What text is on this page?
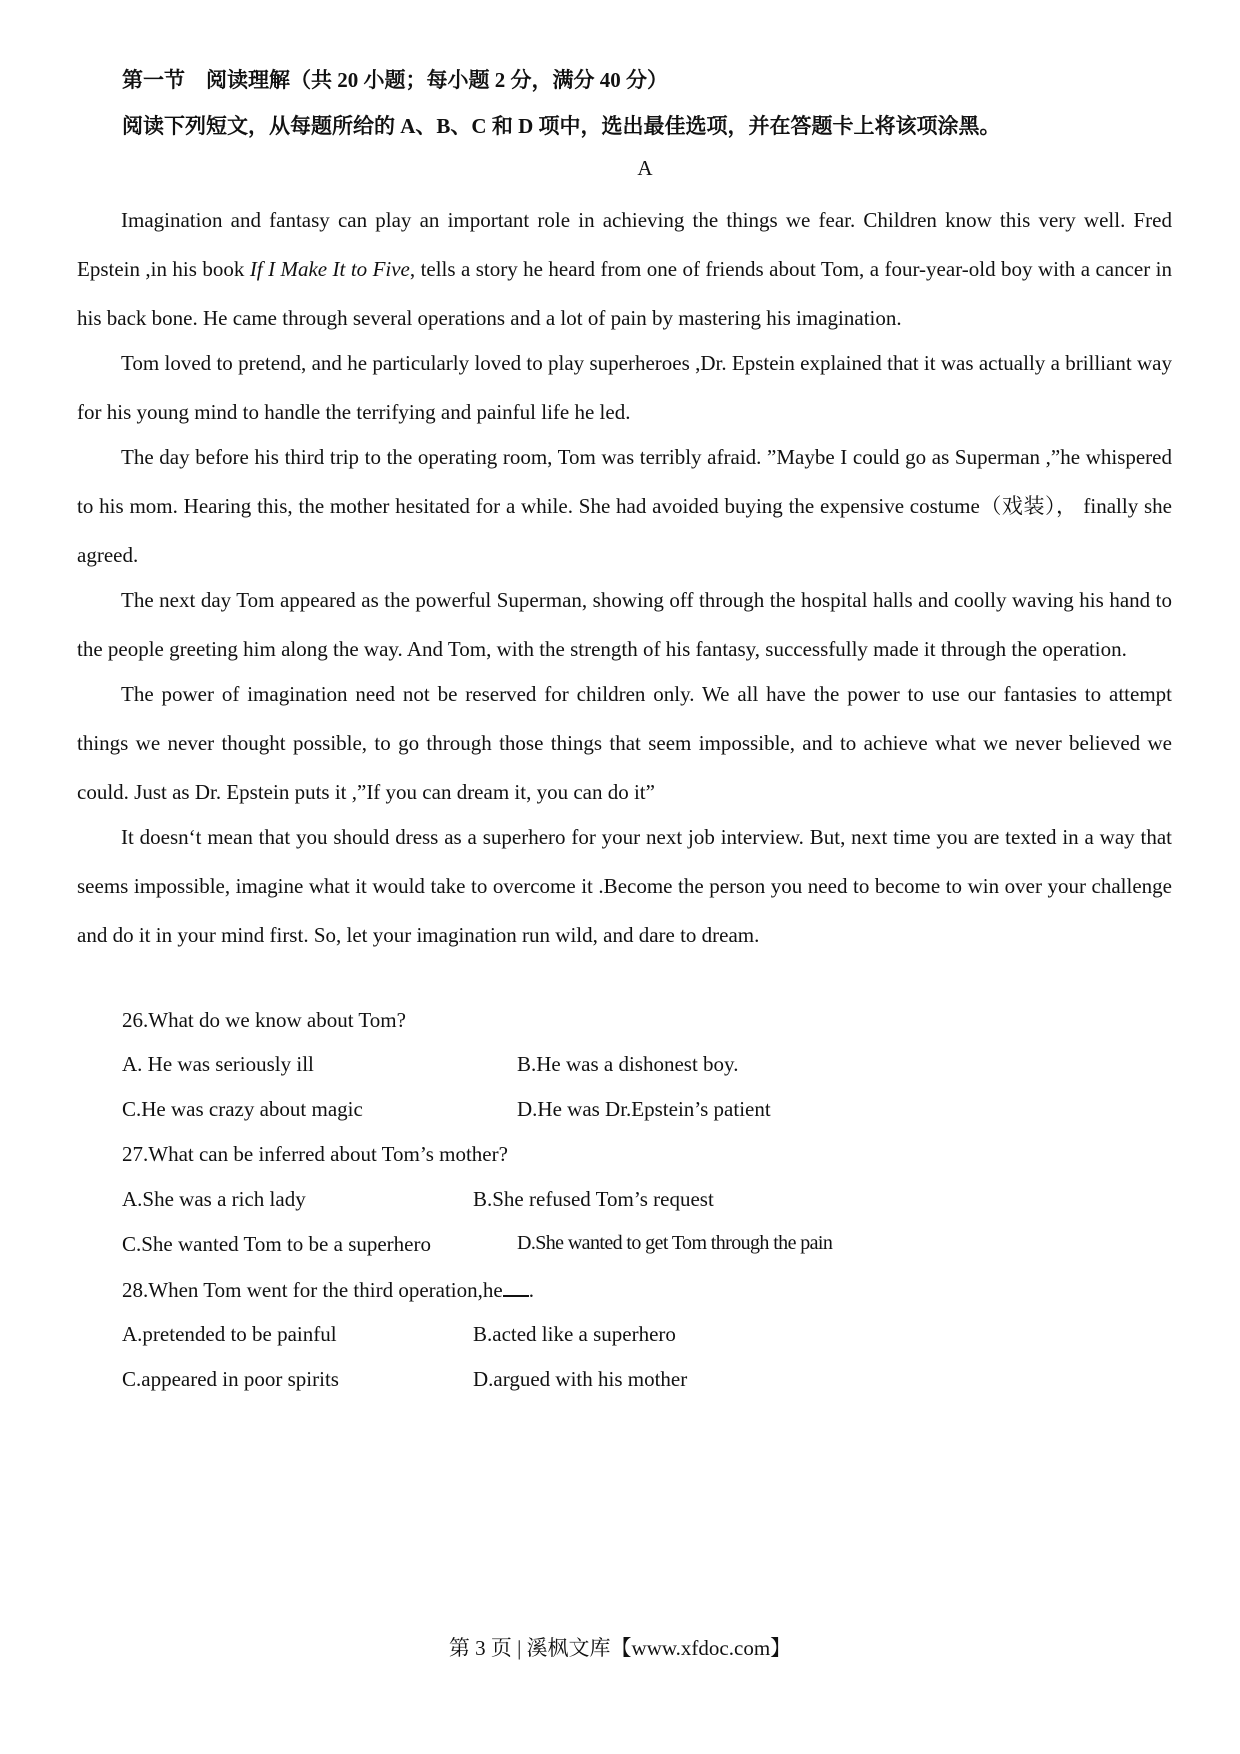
第一节　阅读理解（共 20 小题；每小题 2 分，满分 40 分）
阅读下列短文，从每题所给的 A、B、C 和 D 项中，选出最佳选项，并在答题卡上将该项涂黑。
A

Imagination and fantasy can play an important role in achieving the things we fear. Children know this very well. Fred Epstein ,in his book If I Make It to Five, tells a story he heard from one of friends about Tom, a four-year-old boy with a cancer in his back bone. He came through several operations and a lot of pain by mastering his imagination.

Tom loved to pretend, and he particularly loved to play superheroes ,Dr. Epstein explained that it was actually a brilliant way for his young mind to handle the terrifying and painful life he led.

The day before his third trip to the operating room, Tom was terribly afraid. ”Maybe I could go as Superman ,”he whispered to his mom. Hearing this, the mother hesitated for a while. She had avoided buying the expensive costume（戏装）， finally she agreed.

The next day Tom appeared as the powerful Superman, showing off through the hospital halls and coolly waving his hand to the people greeting him along the way. And Tom, with the strength of his fantasy, successfully made it through the operation.

The power of imagination need not be reserved for children only. We all have the power to use our fantasies to attempt things we never thought possible, to go through those things that seem impossible, and to achieve what we never believed we could. Just as Dr. Epstein puts it ,”If you can dream it, you can do it”

It doesn‘t mean that you should dress as a superhero for your next job interview. But, next time you are texted in a way that seems impossible, imagine what it would take to overcome it .Become the person you need to become to win over your challenge and do it in your mind first. So, let your imagination run wild, and dare to dream.

26.What do we know about Tom?
A. He was seriously ill	B.He was a dishonest boy.
C.He was crazy about magic	D.He was Dr.Epstein’s patient
27.What can be inferred about Tom’s mother?
A.She was a rich lady	B.She refused Tom’s request
C.She wanted Tom to be a superhero	D.She wanted to get Tom through the pain
28.When Tom went for the third operation,he .
A.pretended to be painful	B.acted like a superhero
C.appeared in poor spirits	D.argued with his mother
第 3 页 | 溪枫文库【www.xfdoc.com】
